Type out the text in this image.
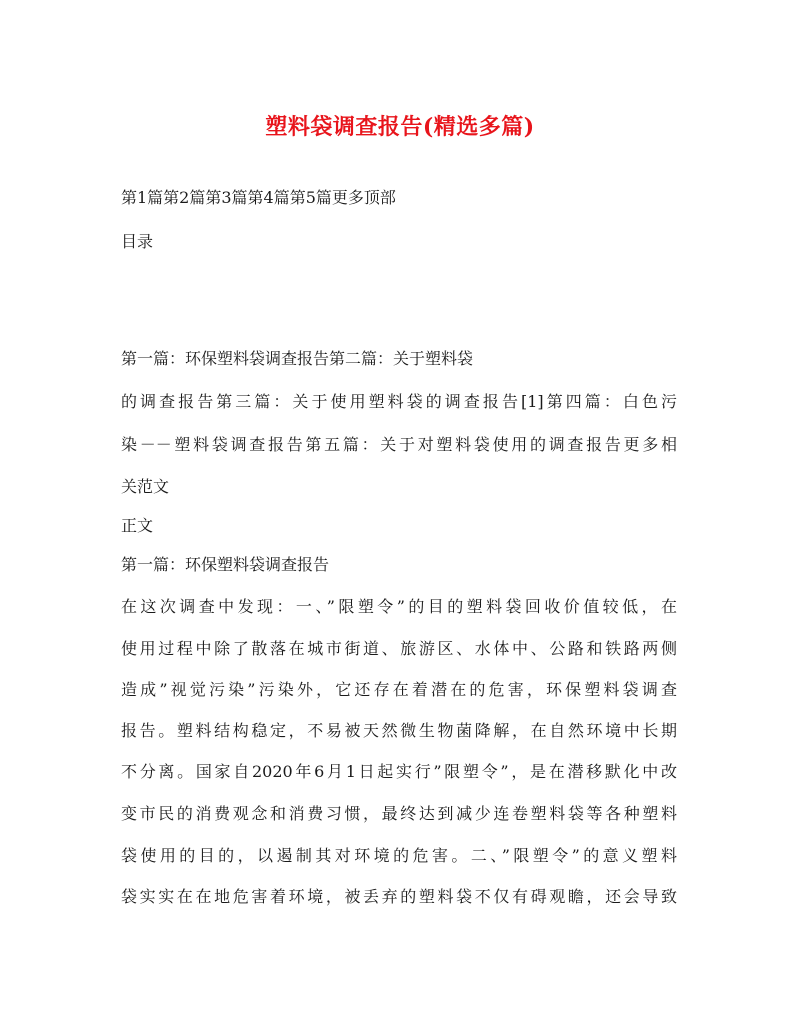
塑料袋调查报告(精选多篇)
第1篇第2篇第3篇第4篇第5篇更多顶部
目录
第一篇：环保塑料袋调查报告第二篇：关于塑料袋
的调查报告第三篇：关于使用塑料袋的调查报告[1]第四篇：白色污
染－－塑料袋调查报告第五篇：关于对塑料袋使用的调查报告更多相
关范文
正文
第一篇：环保塑料袋调查报告
在这次调查中发现：一、”限塑令”的目的塑料袋回收价值较低，在
使用过程中除了散落在城市街道、旅游区、水体中、公路和铁路两侧
造成”视觉污染”污染外，它还存在着潜在的危害，环保塑料袋调查
报告。塑料结构稳定，不易被天然微生物菌降解，在自然环境中长期
不分离。国家自2020年6月1日起实行”限塑令”，是在潜移默化中改
变市民的消费观念和消费习惯，最终达到减少连卷塑料袋等各种塑料
袋使用的目的，以遏制其对环境的危害。二、”限塑令”的意义塑料
袋实实在在地危害着环境，被丢弃的塑料袋不仅有碍观瞻，还会导致
